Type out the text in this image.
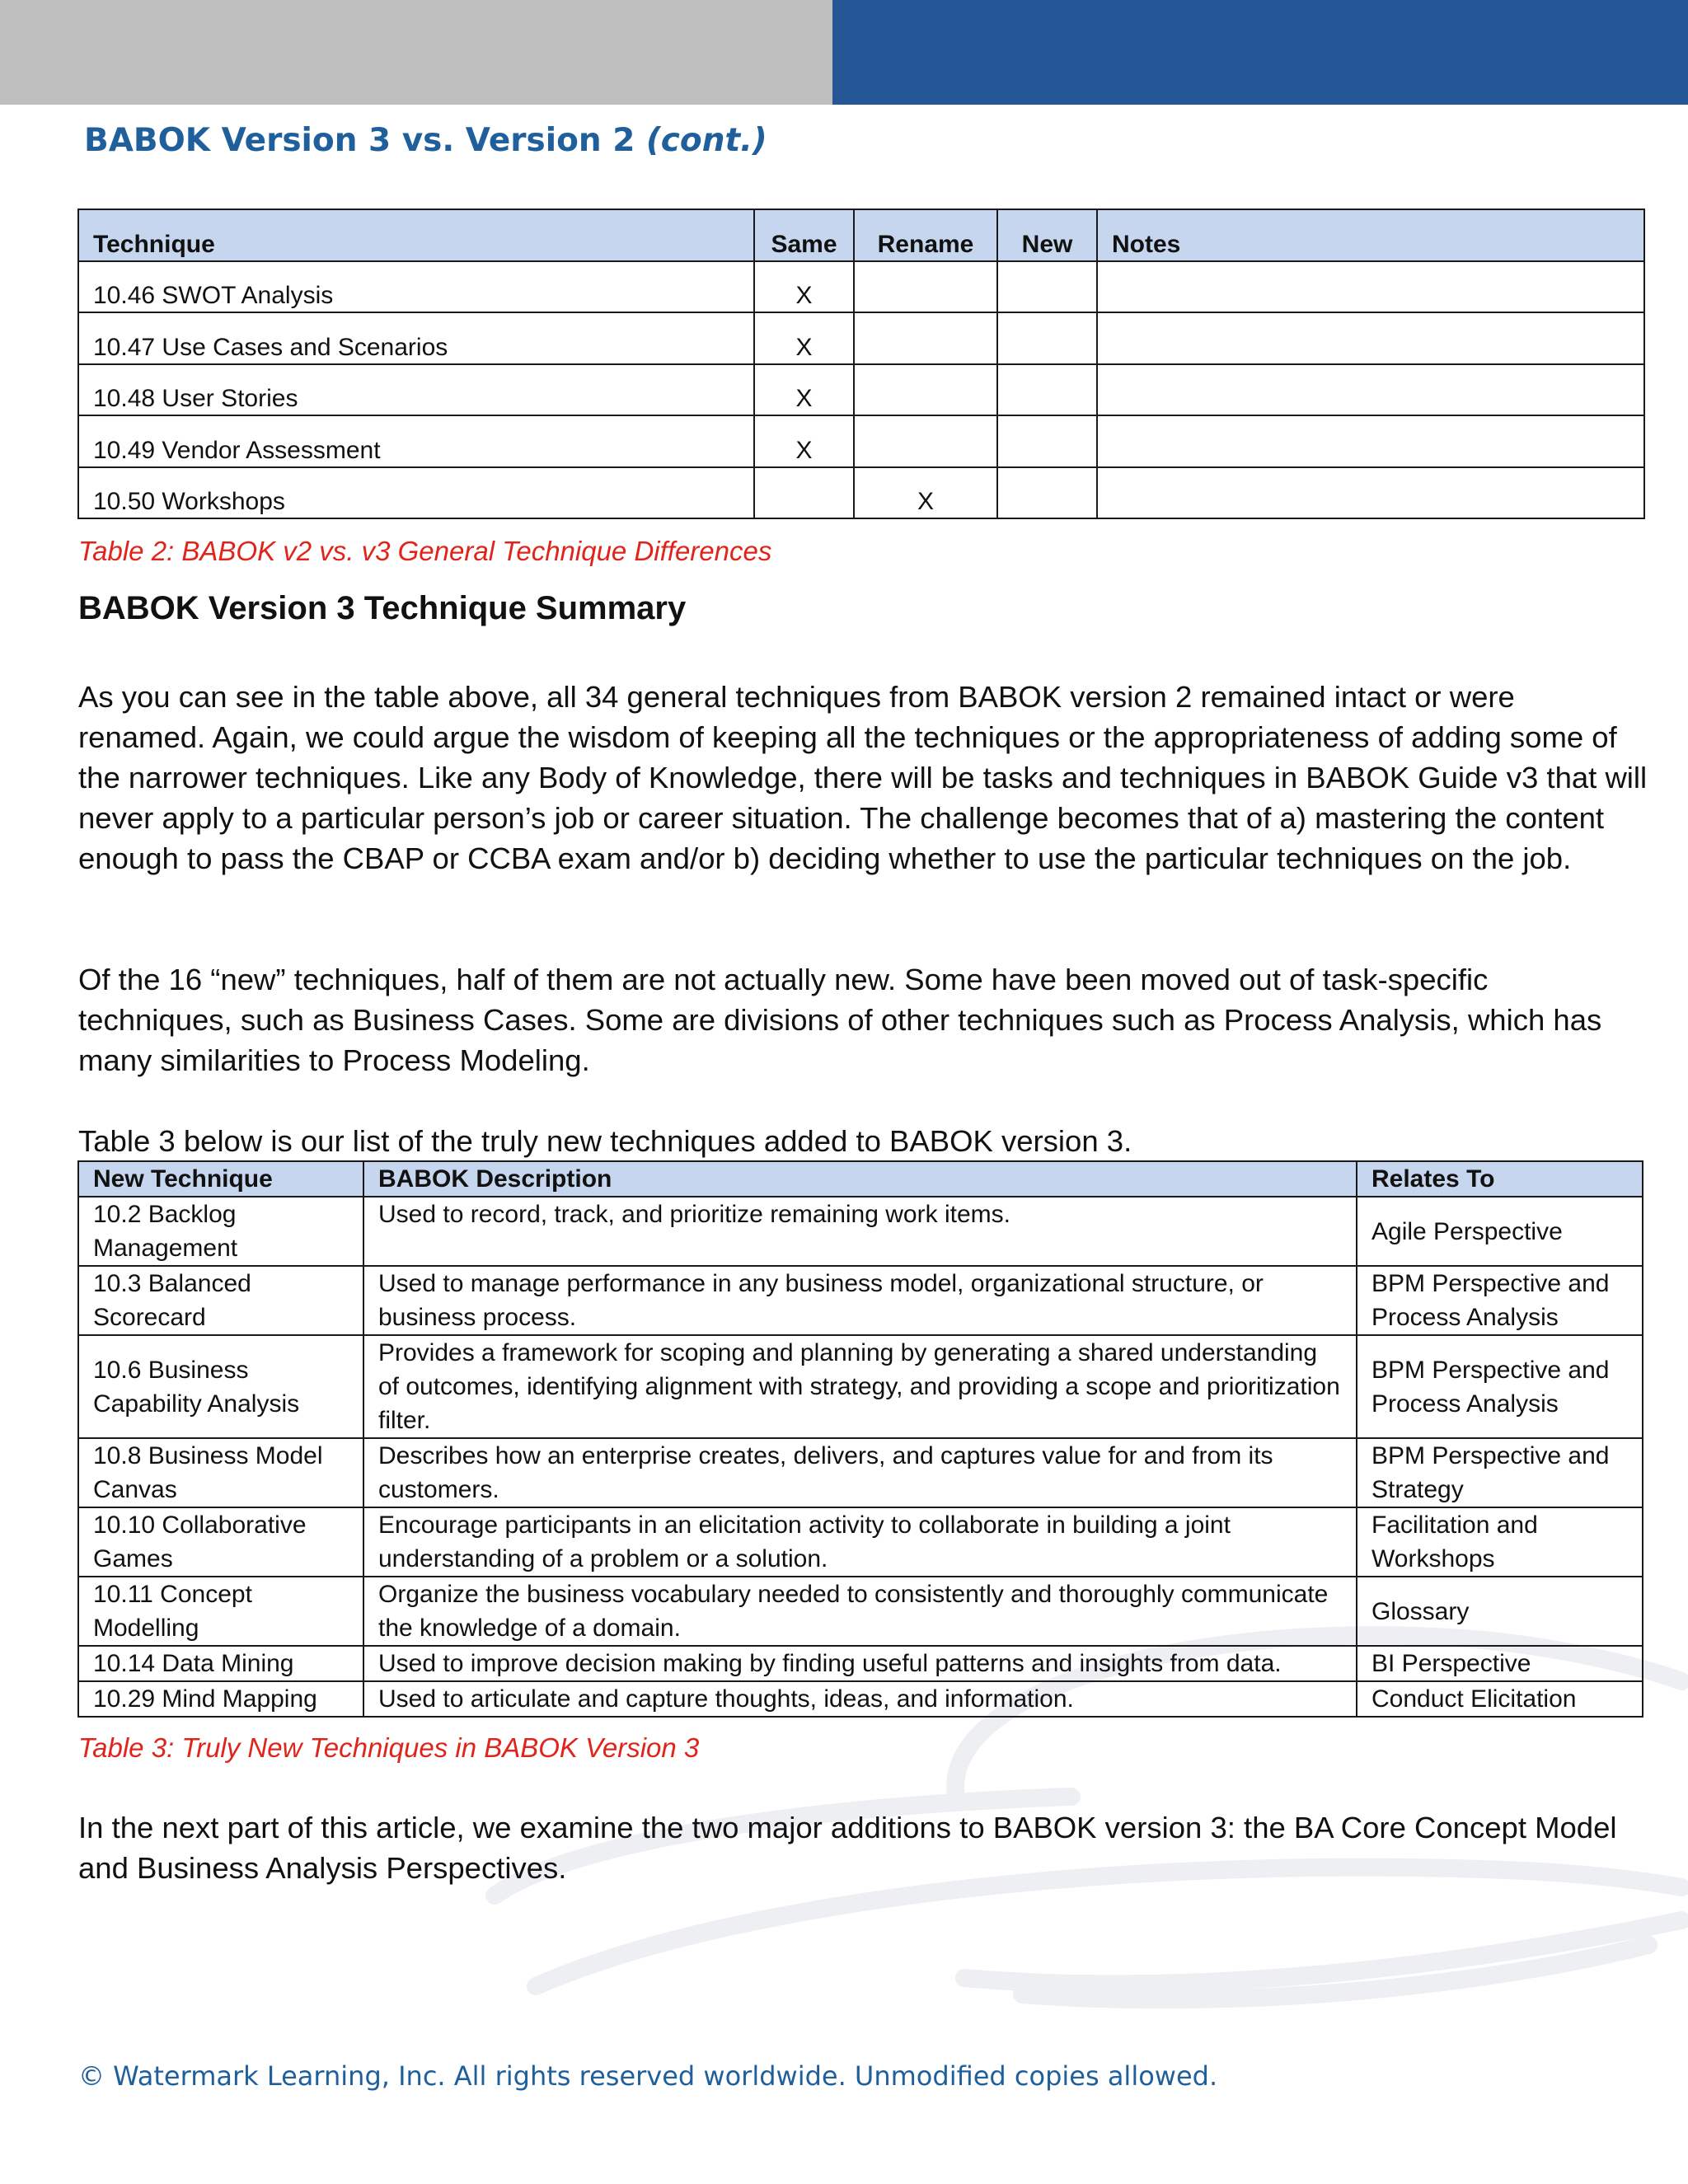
BABOK Version 3 vs. Version 2 (cont.)
Technique	Same	Rename	New	Notes
10.46 SWOT Analysis	X			
10.47 Use Cases and Scenarios	X			
10.48 User Stories	X			
10.49 Vendor Assessment	X			
10.50 Workshops		X		

Table 2: BABOK v2 vs. v3 General Technique Differences

BABOK Version 3 Technique Summary

As you can see in the table above, all 34 general techniques from BABOK version 2 remained intact or were renamed. Again, we could argue the wisdom of keeping all the techniques or the appropriateness of adding some of the narrower techniques. Like any Body of Knowledge, there will be tasks and techniques in BABOK Guide v3 that will never apply to a particular person’s job or career situation. The challenge becomes that of a) mastering the content enough to pass the CBAP or CCBA exam and/or b) deciding whether to use the particular techniques on the job.

Of the 16 “new” techniques, half of them are not actually new. Some have been moved out of task-specific techniques, such as Business Cases. Some are divisions of other techniques such as Process Analysis, which has many similarities to Process Modeling.

Table 3 below is our list of the truly new techniques added to BABOK version 3.

New Technique	BABOK Description	Relates To
10.2 Backlog Management	Used to record, track, and prioritize remaining work items.	Agile Perspective
10.3 Balanced Scorecard	Used to manage performance in any business model, organizational structure, or business process.	BPM Perspective and Process Analysis
10.6 Business Capability Analysis	Provides a framework for scoping and planning by generating a shared understanding of outcomes, identifying alignment with strategy, and providing a scope and prioritization filter.	BPM Perspective and Process Analysis
10.8 Business Model Canvas	Describes how an enterprise creates, delivers, and captures value for and from its customers.	BPM Perspective and Strategy
10.10 Collaborative Games	Encourage participants in an elicitation activity to collaborate in building a joint understanding of a problem or a solution.	Facilitation and Workshops
10.11 Concept Modelling	Organize the business vocabulary needed to consistently and thoroughly communicate the knowledge of a domain.	Glossary
10.14 Data Mining	Used to improve decision making by finding useful patterns and insights from data.	BI Perspective
10.29 Mind Mapping	Used to articulate and capture thoughts, ideas, and information.	Conduct Elicitation

Table 3: Truly New Techniques in BABOK Version 3

In the next part of this article, we examine the two major additions to BABOK version 3: the BA Core Concept Model and Business Analysis Perspectives.

© Watermark Learning, Inc. All rights reserved worldwide. Unmodified copies allowed.
